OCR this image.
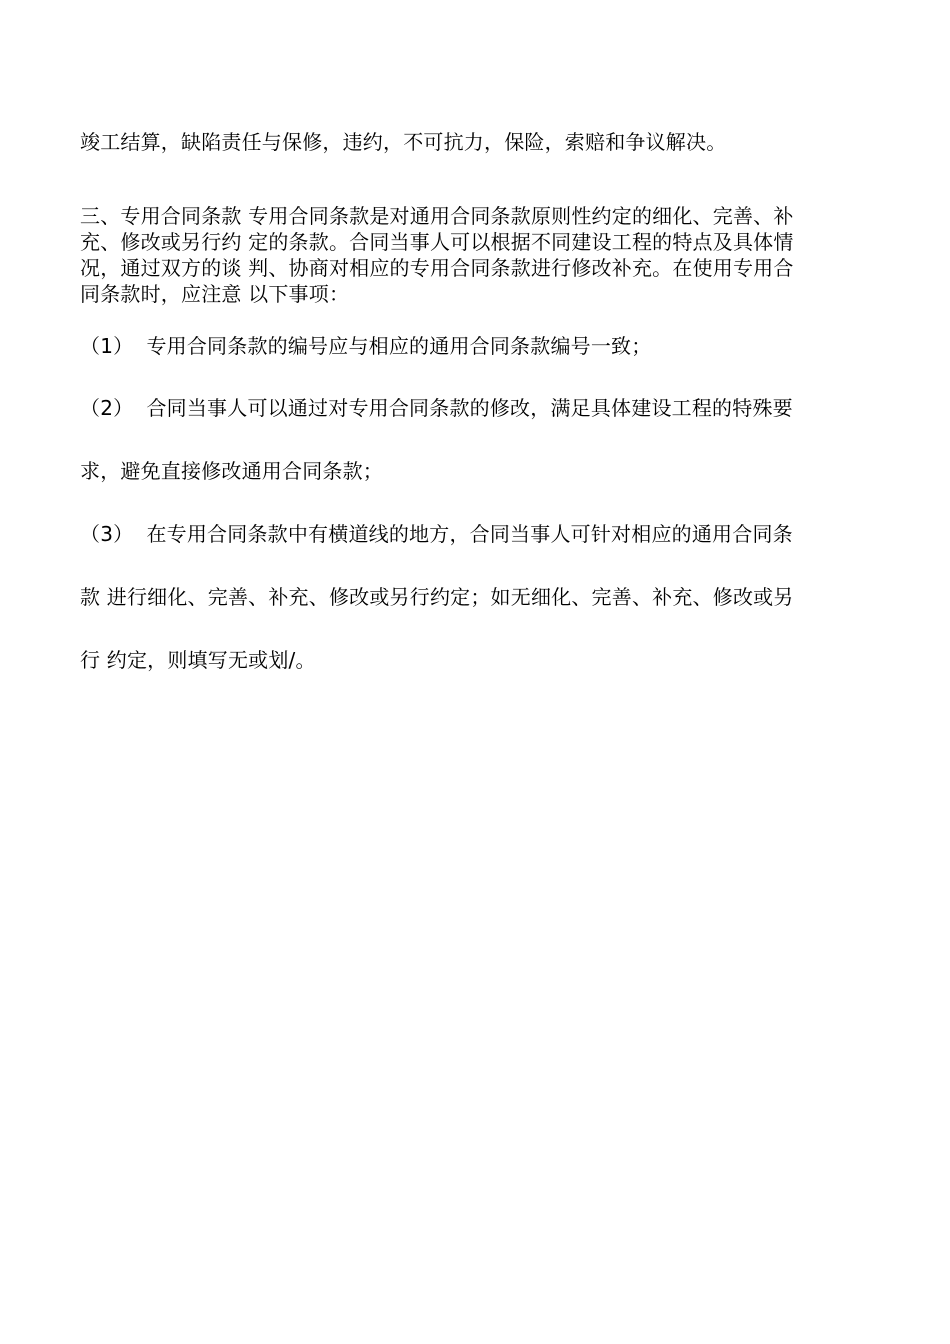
竣工结算，缺陷责任与保修，违约，不可抗力，保险，索赔和争议解决。
三、专用合同条款 专用合同条款是对通用合同条款原则性约定的细化、完善、补
充、修改或另行约 定的条款。合同当事人可以根据不同建设工程的特点及具体情
况，通过双方的谈 判、协商对相应的专用合同条款进行修改补充。在使用专用合
同条款时，应注意 以下事项：
（1）  专用合同条款的编号应与相应的通用合同条款编号一致；
（2）  合同当事人可以通过对专用合同条款的修改，满足具体建设工程的特殊要
求，避免直接修改通用合同条款；
（3）  在专用合同条款中有横道线的地方，合同当事人可针对相应的通用合同条
款 进行细化、完善、补充、修改或另行约定；如无细化、完善、补充、修改或另
行 约定，则填写无或划/。
